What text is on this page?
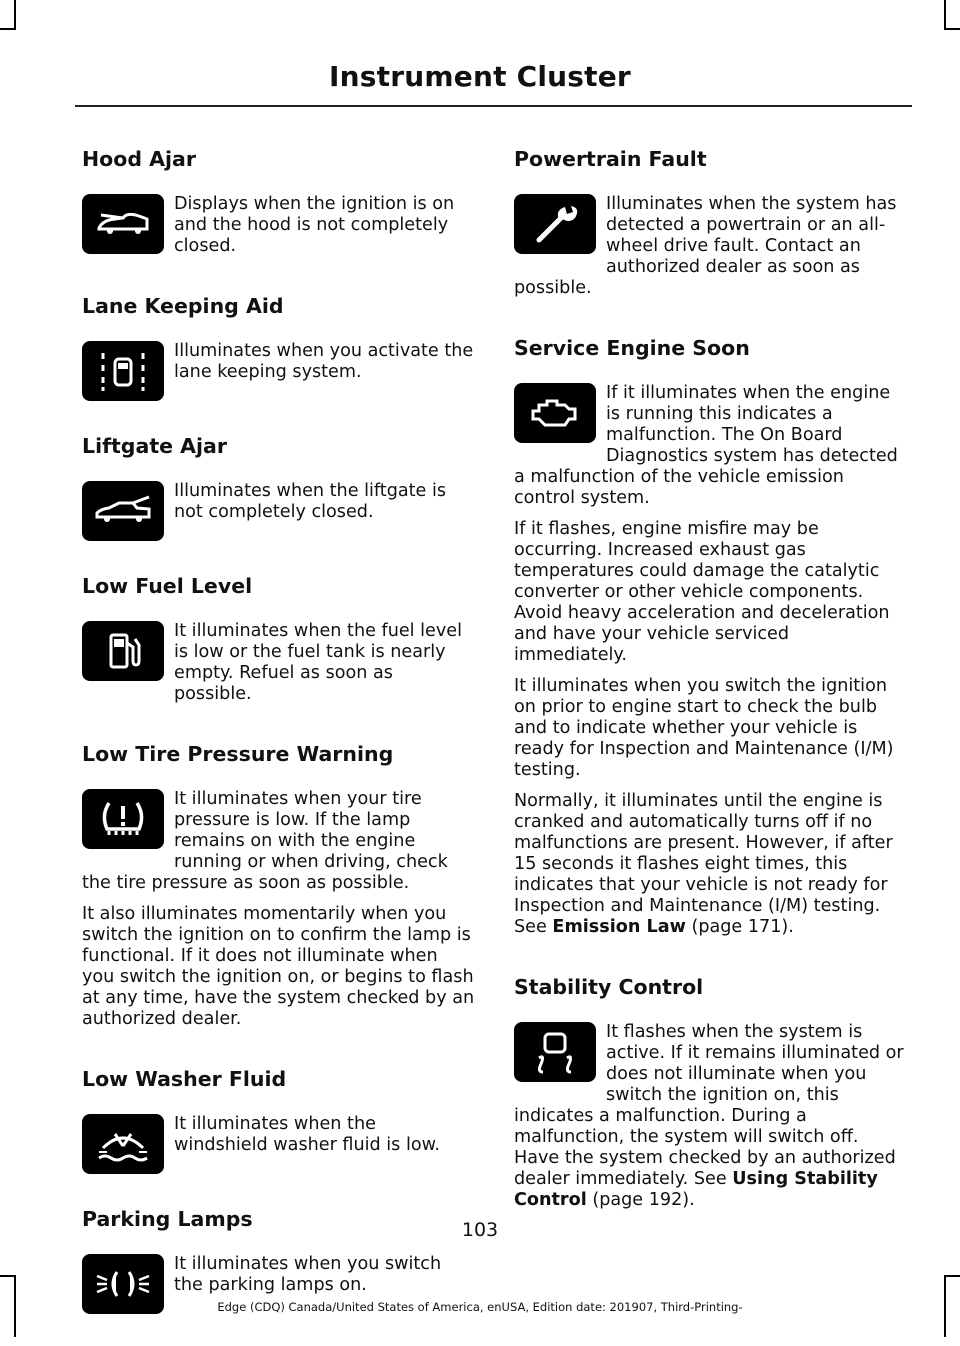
Instrument Cluster
Hood Ajar

Displays when the ignition is on and the hood is not completely closed.

Lane Keeping Aid

Illuminates when you activate the lane keeping system.

Liftgate Ajar

Illuminates when the liftgate is not completely closed.

Low Fuel Level

It illuminates when the fuel level is low or the fuel tank is nearly empty. Refuel as soon as possible.

Low Tire Pressure Warning

It illuminates when your tire pressure is low. If the lamp remains on with the engine running or when driving, check the tire pressure as soon as possible.

It also illuminates momentarily when you switch the ignition on to confirm the lamp is functional. If it does not illuminate when you switch the ignition on, or begins to flash at any time, have the system checked by an authorized dealer.

Low Washer Fluid

It illuminates when the windshield washer fluid is low.

Parking Lamps

It illuminates when you switch the parking lamps on.

Powertrain Fault

Illuminates when the system has detected a powertrain or an all-wheel drive fault. Contact an authorized dealer as soon as possible.

Service Engine Soon

If it illuminates when the engine is running this indicates a malfunction. The On Board Diagnostics system has detected a malfunction of the vehicle emission control system.

If it flashes, engine misfire may be occurring. Increased exhaust gas temperatures could damage the catalytic converter or other vehicle components. Avoid heavy acceleration and deceleration and have your vehicle serviced immediately.

It illuminates when you switch the ignition on prior to engine start to check the bulb and to indicate whether your vehicle is ready for Inspection and Maintenance (I/M) testing.

Normally, it illuminates until the engine is cranked and automatically turns off if no malfunctions are present. However, if after 15 seconds it flashes eight times, this indicates that your vehicle is not ready for Inspection and Maintenance (I/M) testing. See Emission Law (page 171).

Stability Control

It flashes when the system is active. If it remains illuminated or does not illuminate when you switch the ignition on, this indicates a malfunction. During a malfunction, the system will switch off. Have the system checked by an authorized dealer immediately. See Using Stability Control (page 192).

103
Edge (CDQ) Canada/United States of America, enUSA, Edition date: 201907, Third-Printing-
